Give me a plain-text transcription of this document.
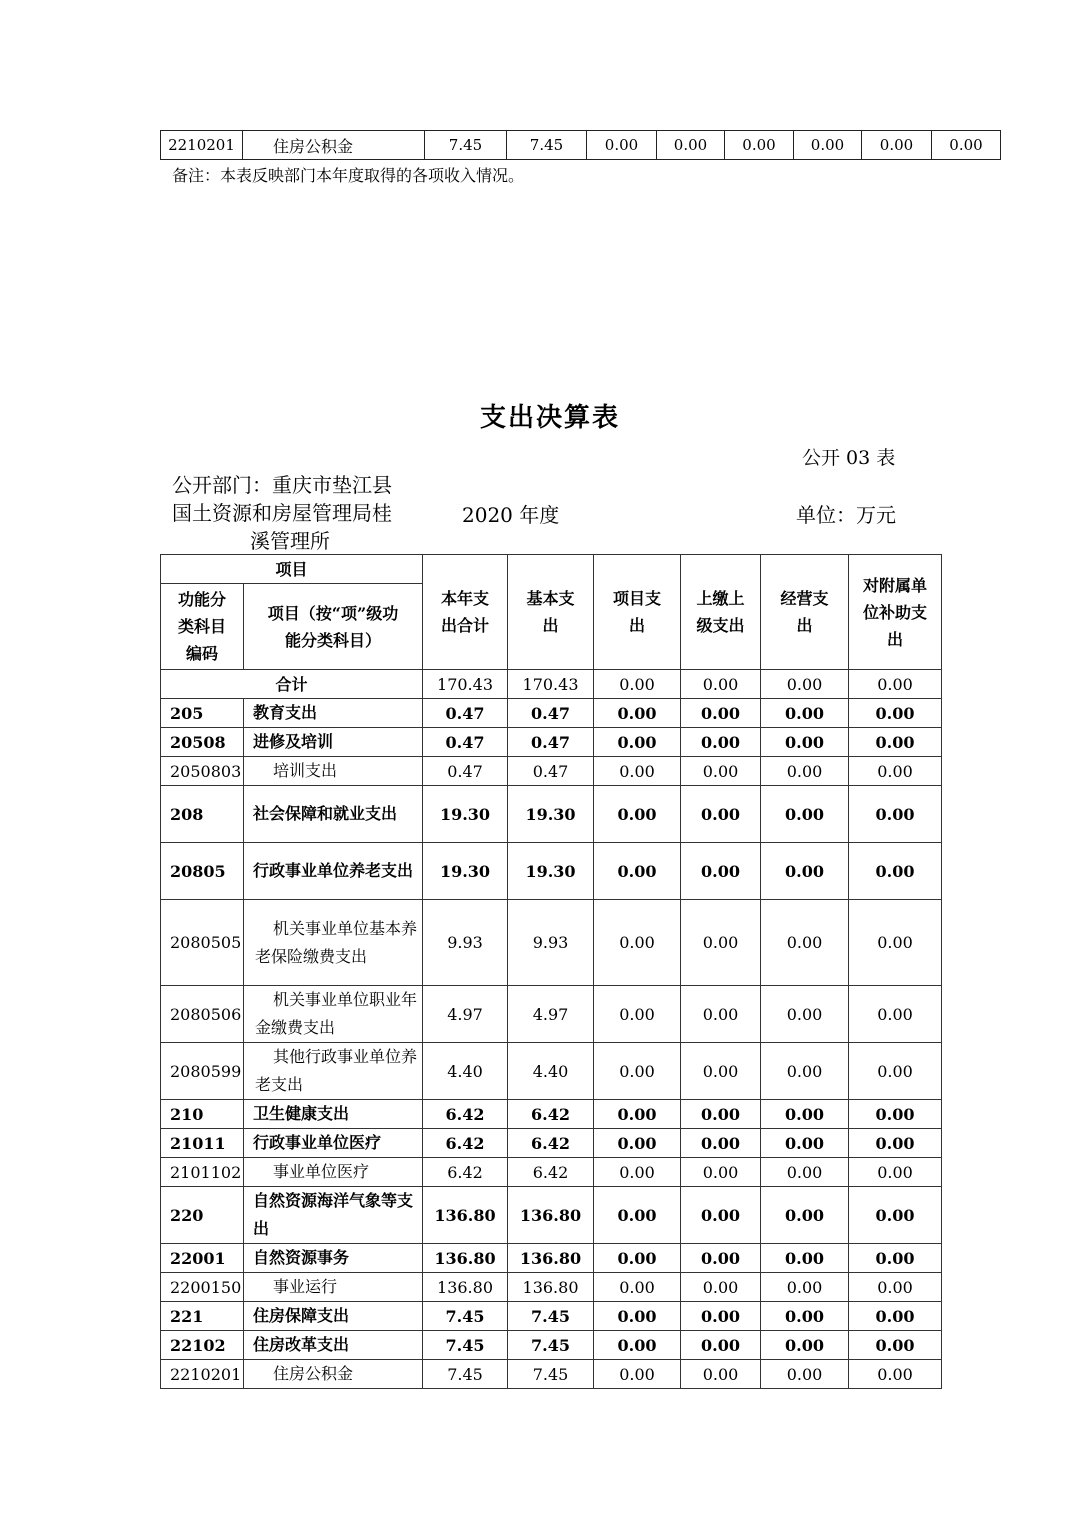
2210201	住房公积金	7.45	7.45	0.00	0.00	0.00	0.00	0.00	0.00
备注：本表反映部门本年度取得的各项收入情况。
支出决算表
公开 03 表
公开部门：重庆市垫江县
国土资源和房屋管理局桂
溪管理所
2020 年度	单位：万元
项目		本年支出合计	基本支出	项目支出	上缴上级支出	经营支出	对附属单位补助支出

功能分类科目编码	项目（按“项”级功能分类科目）						

合计		170.43	170.43	0.00	0.00	0.00	0.00
205	教育支出	0.47	0.47	0.00	0.00	0.00	0.00
20508	进修及培训	0.47	0.47	0.00	0.00	0.00	0.00
2050803	培训支出	0.47	0.47	0.00	0.00	0.00	0.00
208	社会保障和就业支出	19.30	19.30	0.00	0.00	0.00	0.00
20805	行政事业单位养老支出	19.30	19.30	0.00	0.00	0.00	0.00
2080505	机关事业单位基本养老保险缴费支出	9.93	9.93	0.00	0.00	0.00	0.00
2080506	机关事业单位职业年金缴费支出	4.97	4.97	0.00	0.00	0.00	0.00
2080599	其他行政事业单位养老支出	4.40	4.40	0.00	0.00	0.00	0.00
210	卫生健康支出	6.42	6.42	0.00	0.00	0.00	0.00
21011	行政事业单位医疗	6.42	6.42	0.00	0.00	0.00	0.00
2101102	事业单位医疗	6.42	6.42	0.00	0.00	0.00	0.00
220	自然资源海洋气象等支出	136.80	136.80	0.00	0.00	0.00	0.00
22001	自然资源事务	136.80	136.80	0.00	0.00	0.00	0.00
2200150	事业运行	136.80	136.80	0.00	0.00	0.00	0.00
221	住房保障支出	7.45	7.45	0.00	0.00	0.00	0.00
22102	住房改革支出	7.45	7.45	0.00	0.00	0.00	0.00
2210201	住房公积金	7.45	7.45	0.00	0.00	0.00	0.00
